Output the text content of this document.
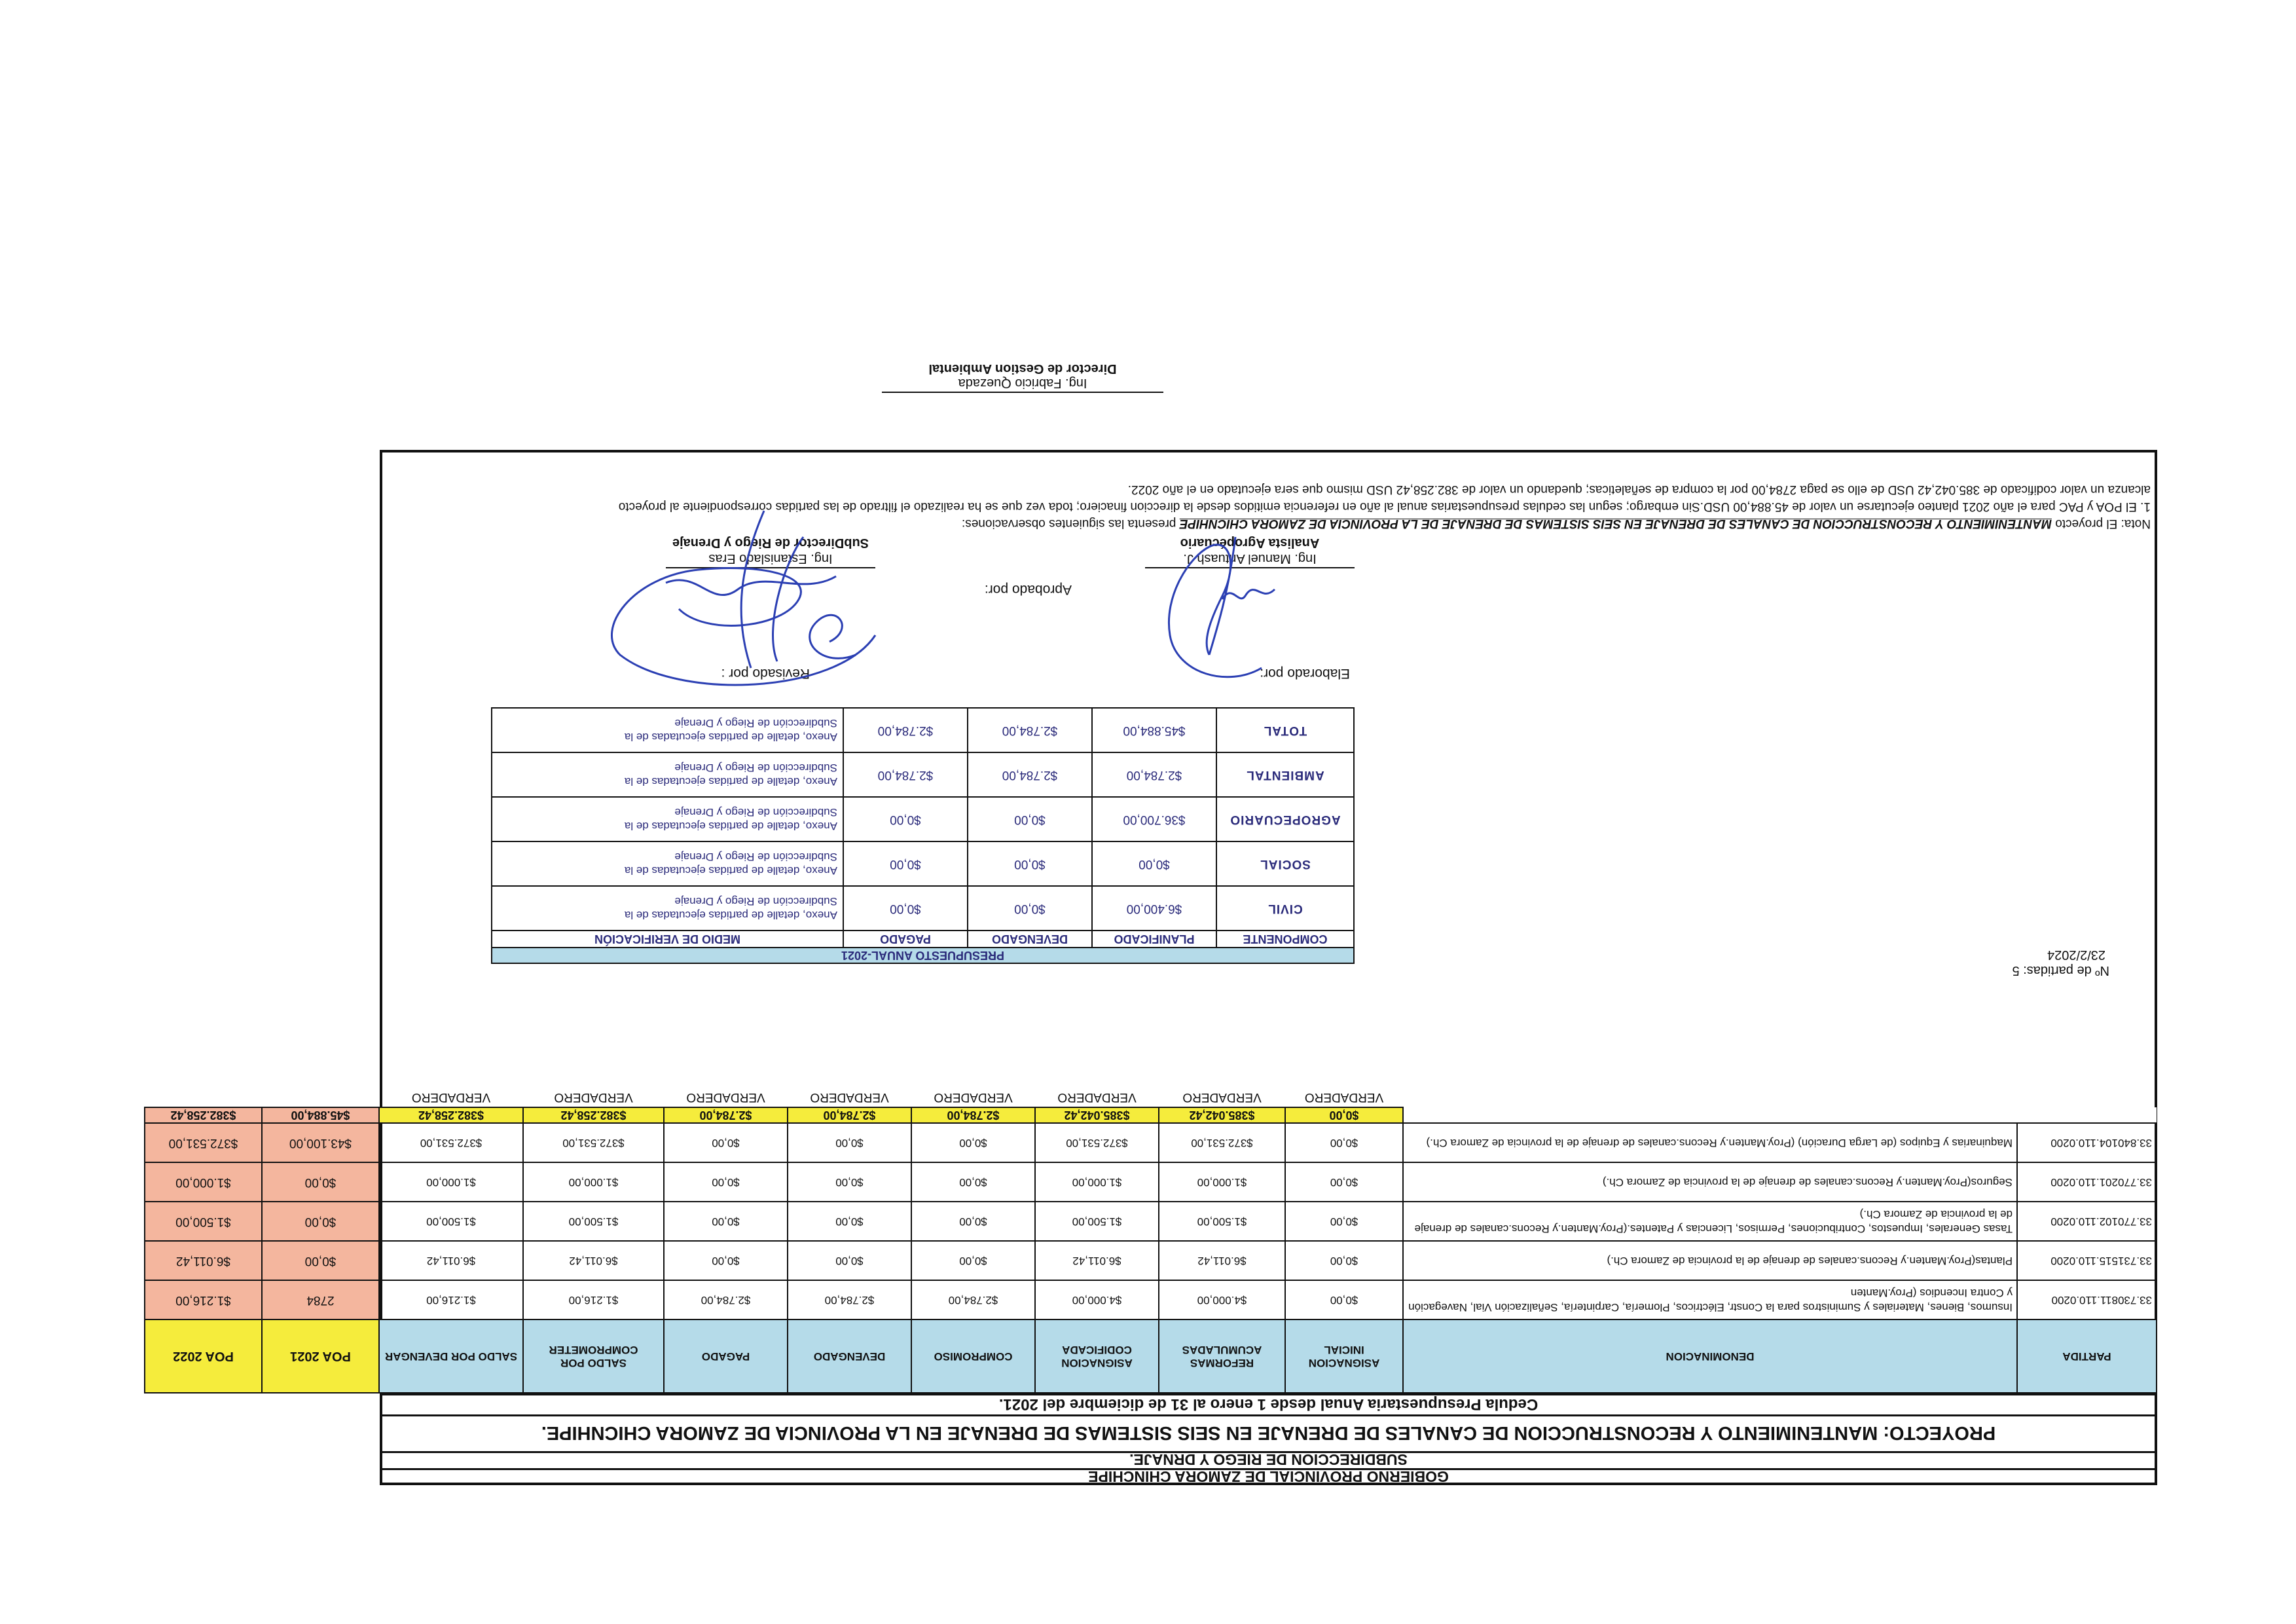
GOBIERNO PROVINCIAL DE ZAMORA CHINCHIPE
SUBDIRECCION DE RIEGO Y DRNAJE.
PROYECTO: MANTENIMIENTO Y RECONSTRUCCION DE CANALES DE DRENAJE EN SEIS SISTEMAS DE DRENAJE EN LA PROVINCIA DE ZAMORA CHICNHIPE.
Cedula Presupuestaria Anual desde 1 enero al 31 de diciembre del 2021.
PARTIDA	DENOMINACION	ASIGNACION INICIAL	REFORMAS ACUMULADAS	ASIGNACION CODIFICADA	COMPROMISO	DEVENGADO	PAGADO	SALDO POR COMPROMETER	SALDO POR DEVENGAR
33.730811.110.0200	Insumos, Bienes, Materiales y Suministros para la Constr, Eléctricos, Plomería, Carpintería, Señalización Vial, Navegación y Contra Incendios (Proy.Manten	$0,00	$4.000,00	$4.000,00	$2.784,00	$2.784,00	$2.784,00	$1.216,00	$1.216,00
33.731515.110.0200	Plantas(Proy.Manten.y Recons.canales de drenaje de la provincia de Zamora Ch.)	$0,00	$6.011,42	$6.011,42	$0,00	$0,00	$0,00	$6.011,42	$6.011,42
33.770102.110.0200	Tasas Generales, Impuestos, Contribuciones, Permisos, Licencias y Patentes.(Proy.Manten.y Recons.canales de drenaje de la provincia de Zamora Ch.)	$0,00	$1.500,00	$1.500,00	$0,00	$0,00	$0,00	$1.500,00	$1.500,00
33.770201.110.0200	Seguros(Proy.Manten.y Recons.canales de drenaje de la provincia de Zamora Ch.)	$0,00	$1.000,00	$1.000,00	$0,00	$0,00	$0,00	$1.000,00	$1.000,00
33.840104.110.0200	Maquinarias y Equipos (de Larga Duración) (Proy.Manten.y Recons.canales de drenaje de la provincia de Zamora Ch.)	$0,00	$372.531,00	$372.531,00	$0,00	$0,00	$0,00	$372.531,00	$372.531,00
		$0,00	$385.042,42	$385.042,42	$2.784,00	$2.784,00	$2.784,00	$382.258,42	$382.258,42
		VERDADERO	VERDADERO	VERDADERO	VERDADERO	VERDADERO	VERDADERO	VERDADERO	VERDADERO
POA 2021	POA 2022
2784	$1.216,00
$0,00	$6.011,42
$0,00	$1.500,00
$0,00	$1.000,00
$43.100,00	$372.531,00
$45.884,00	$382.258,42
Nº de partidas: 5
23/2/2024
PRESUPUESTO ANUAL-2021				
COMPONENTE	PLANIFICADO	DEVENGADO	PAGADO	MEDIO DE VERIFICACIÓN
CIVIL	$6.400,00	$0,00	$0,00	Anexo, detalle de partidas ejecutadas de la
Subdirección de Riego y Drenaje

SOCIAL	$0,00	$0,00	$0,00	Anexo, detalle de partidas ejecutadas de la
Subdirección de Riego y Drenaje

AGROPECUARIO	$36.700,00	$0,00	$0,00	Anexo, detalle de partidas ejecutadas de la
Subdirección de Riego y Drenaje

AMBIENTAL	$2.784,00	$2.784,00	$2.784,00	Anexo, detalle de partidas ejecutadas de la
Subdirección de Riego y Drenaje

TOTAL	$45.884,00	$2.784,00	$2.784,00	Anexo, detalle de partidas ejecutadas de la
Subdirección de Riego y Drenaje
Elaborado por:
Revisado por :
Aprobado por:
Ing. Manuel Antuash J.
Analista Agropécuario
Ing. Estanislado Eras
SubDirector de Riego y Drenaje
Ing. Fabricio Quezada
Director de Gestion Ambiental
Nota: El proyecto MANTENIMIENTO Y RECONSTRUCCION DE CANALES DE DRENAJE EN SEIS SISTEMAS DE DRENAJE DE LA PROVINCIA DE ZAMORA CHICNHIPE presenta las siguientes observaciones:
1. El POA y PAC para el año 2021 planteo ejecutarse un valor de 45.884,00 USD.Sin embargo; segun las cedulas presupuestarias anual al año en referencia emitidos desde la direccion finaciero; toda vez que se ha realizado el filtrado de las partidas correspondiente al proyecto
alcanza un valor codificado de 385.042,42 USD de ello se paga 2784,00 por la compra de señaleticas; quedando un valor de 382.258,42 USD mismo que sera ejecutado en el año 2022.
